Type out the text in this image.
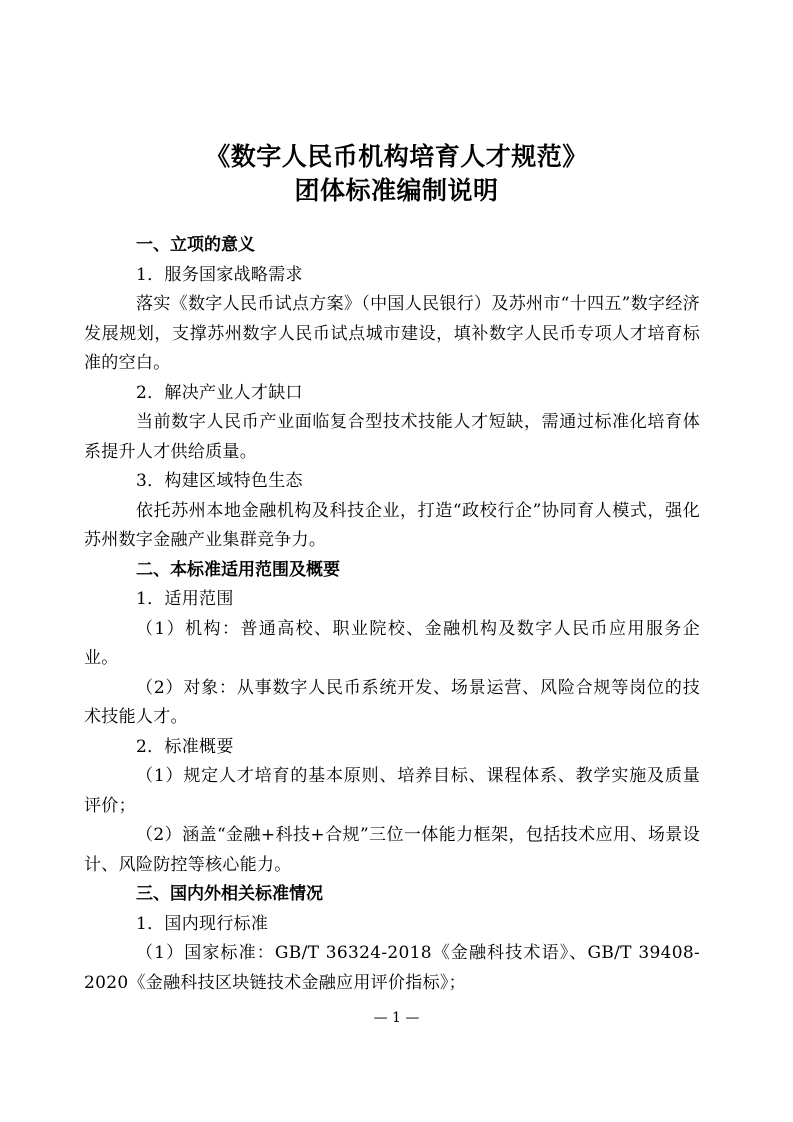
《数字人民币机构培育人才规范》
团体标准编制说明

一、立项的意义

1．服务国家战略需求

落实《数字人民币试点方案》（中国人民银行）及苏州市“十四五”数字经济发展规划，支撑苏州数字人民币试点城市建设，填补数字人民币专项人才培育标准的空白。

2．解决产业人才缺口

当前数字人民币产业面临复合型技术技能人才短缺，需通过标准化培育体系提升人才供给质量。

3．构建区域特色生态

依托苏州本地金融机构及科技企业，打造“政校行企”协同育人模式，强化苏州数字金融产业集群竞争力。

二、本标准适用范围及概要

1．适用范围

（1）机构：普通高校、职业院校、金融机构及数字人民币应用服务企业。

（2）对象：从事数字人民币系统开发、场景运营、风险合规等岗位的技术技能人才。

2．标准概要

（1）规定人才培育的基本原则、培养目标、课程体系、教学实施及质量评价；

（2）涵盖“金融+科技+合规”三位一体能力框架，包括技术应用、场景设计、风险防控等核心能力。

三、国内外相关标准情况

1．国内现行标准

（1）国家标准：GB/T 36324-2018《金融科技术语》、GB/T 39408-2020《金融科技区块链技术金融应用评价指标》；

— 1 —
